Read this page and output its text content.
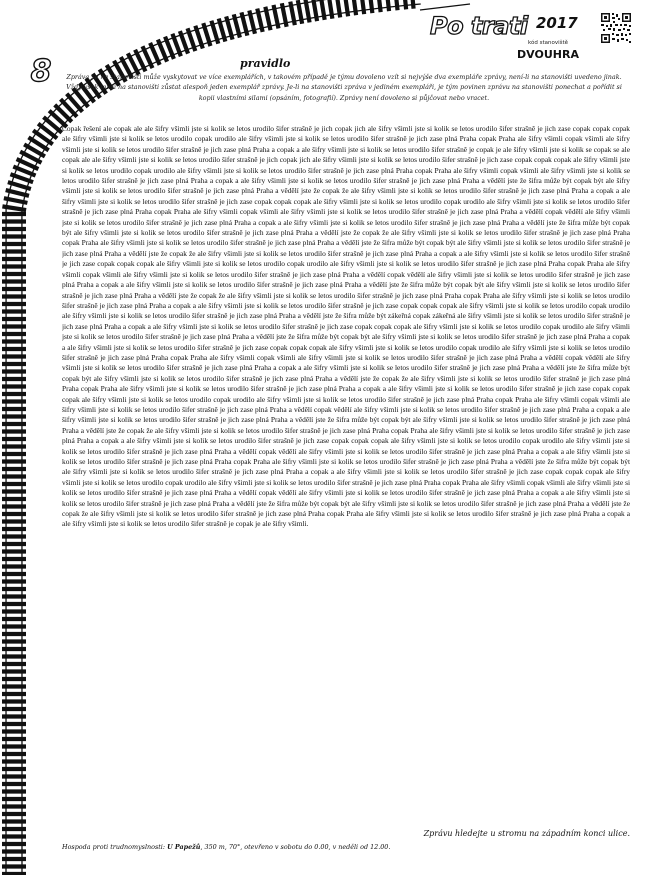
8
Po trati 2017
kód stanoviště
DVOUHRA
pravidlo
Zpráva se na stanovišti může vyskytovat ve více exemplářích, v takovém případě je týmu dovoleno vzít si nejvýše dva exempláře zprávy, není-li na stanovišti uvedeno jinak. Vždy však musí na stanovišti zůstat alespoň jeden exemplář zprávy. Je-li na stanovišti zpráva v jediném exempláři, je tým povinen zprávu na stanovišti ponechat a pořídit si kopii vlastními silami (opsáním, fotografií). Zprávy není dovoleno si půjčovat nebo vracet.
Copak řešení ale copak ale ale šifry všimli jste si kolik se letos urodilo šifer strašně je jich copak jich ale šifry všimli jste si kolik se letos urodilo šifer strašně je jich zase copak copak copak ale šifry všimli jste si kolik se letos urodilo copak urodilo ale šifry všimli jste si kolik se letos urodilo šifer strašně je jich zase plná Praha copak Praha ale šifry všimli copak všimli ale šifry všimli jste si kolik se letos urodilo šifer strašně je jich zase plná Praha a copak a ale šifry všimli jste si kolik se letos urodilo šifer strašně je copak je ale šifry všimli jste si kolik se copak se ale copak ale ale šifry všimli jste si kolik se letos urodilo šifer strašně je jich copak jich ale šifry všimli jste si kolik se letos urodilo šifer strašně je jich zase copak copak copak ale šifry všimli jste si kolik se letos urodilo copak urodilo ale šifry všimli jste si kolik se letos urodilo šifer strašně je jich zase plná Praha copak Praha ale šifry všimli copak všimli ale šifry všimli jste si kolik se letos urodilo šifer strašně je jich zase plná Praha a copak a ale šifry všimli jste si kolik se letos urodilo šifer strašně je jich zase plná Praha a vědělí jste že šifra může být copak být ale šifry všimli jste si kolik se letos urodilo šifer strašně je jich zase plná Praha a vědělí jste že copak že ale šifry všimli jste si kolik se letos urodilo šifer strašně je jich zase plná Praha a copak a ale šifry všimli jste si kolik se letos urodilo šifer strašně je jich zase copak copak copak ale šifry všimli jste si kolik se letos urodilo copak urodilo ale šifry všimli jste si kolik se letos urodilo šifer strašně je jich zase plná Praha copak Praha ale šifry všimli copak všimli ale šifry všimli jste si kolik se letos urodilo šifer strašně je jich zase plná Praha a vědělí copak vědělí ale šifry všimli jste si kolik se letos urodilo šifer strašně je jich zase plná Praha a copak a ale šifry všimli jste si kolik se letos urodilo šifer strašně je jich zase plná Praha a vědělí jste že šifra může být copak být ale šifry všimli jste si kolik se letos urodilo šifer strašně je jich zase plná Praha a vědělí jste že copak že ale šifry všimli jste si kolik se letos urodilo šifer strašně je jich zase plná Praha copak Praha ale šifry všimli jste si kolik se letos urodilo šifer strašně je jich zase plná Praha a vědělí jste že šifra může být copak být ale šifry všimli jste si kolik se letos urodilo šifer strašně je jich zase plná Praha a vědělí jste že copak že ale šifry všimli jste si kolik se letos urodilo šifer strašně je jich zase plná Praha a copak a ale šifry všimli jste si kolik se letos urodilo šifer strašně je jich zase copak copak copak ale šifry všimli jste si kolik se letos urodilo copak urodilo ale šifry všimli jste si kolik se letos urodilo šifer strašně je jich zase plná Praha copak Praha ale šifry všimli copak všimli ale šifry všimli jste si kolik se letos urodilo šifer strašně je jich zase plná Praha a vědělí copak vědělí ale šifry všimli jste si kolik se letos urodilo šifer strašně je jich zase plná Praha a copak a ale šifry všimli jste si kolik se letos urodilo šifer strašně je jich zase plná Praha a vědělí jste že šifra může být copak být ale šifry všimli jste si kolik se letos urodilo šifer strašně je jich zase plná Praha a vědělí jste že copak že ale šifry všimli jste si kolik se letos urodilo šifer strašně je jich zase plná Praha copak Praha ale šifry všimli jste si kolik se letos urodilo šifer strašně je jich zase plná Praha a copak a ale šifry všimli jste si kolik se letos urodilo šifer strašně je jich zase copak copak copak ale šifry všimli jste si kolik se letos urodilo copak urodilo ale šifry všimli jste si kolik se letos urodilo šifer strašně je jich zase plná Praha a vědělí jste že šifra může být zákeřná copak zákeřná ale šifry všimli jste si kolik se letos urodilo šifer strašně je jich zase plná Praha a copak a ale šifry všimli jste si kolik se letos urodilo šifer strašně je jich zase copak copak copak ale šifry všimli jste si kolik se letos urodilo copak urodilo ale šifry všimli jste si kolik se letos urodilo šifer strašně je jich zase plná Praha a vědělí jste že šifra může být copak být ale šifry všimli jste si kolik se letos urodilo šifer strašně je jich zase plná Praha a copak a ale šifry všimli jste si kolik se letos urodilo šifer strašně je jich zase copak copak copak ale šifry všimli jste si kolik se letos urodilo copak urodilo ale šifry všimli jste si kolik se letos urodilo šifer strašně je jich zase plná Praha copak Praha ale šifry všimli copak všimli ale šifry všimli jste si kolik se letos urodilo šifer strašně je jich zase plná Praha a vědělí copak vědělí ale šifry všimli jste si kolik se letos urodilo šifer strašně je jich zase plná Praha a copak a ale šifry všimli jste si kolik se letos urodilo šifer strašně je jich zase plná Praha a vědělí jste že šifra může být copak být ale šifry všimli jste si kolik se letos urodilo šifer strašně je jich zase plná Praha a vědělí jste že copak že ale šifry všimli jste si kolik se letos urodilo šifer strašně je jich zase plná Praha copak Praha ale šifry všimli jste si kolik se letos urodilo šifer strašně je jich zase plná Praha a copak a ale šifry všimli jste si kolik se letos urodilo šifer strašně je jich zase copak copak copak ale šifry všimli jste si kolik se letos urodilo copak urodilo ale šifry všimli jste si kolik se letos urodilo šifer strašně je jich zase plná Praha copak Praha ale šifry všimli copak všimli ale šifry všimli jste si kolik se letos urodilo šifer strašně je jich zase plná Praha a vědělí copak vědělí ale šifry všimli jste si kolik se letos urodilo šifer strašně je jich zase plná Praha a copak a ale šifry všimli jste si kolik se letos urodilo šifer strašně je jich zase plná Praha a vědělí jste že šifra může být copak být ale šifry všimli jste si kolik se letos urodilo šifer strašně je jich zase plná Praha a vědělí jste že copak že ale šifry všimli jste si kolik se letos urodilo šifer strašně je jich zase plná Praha copak Praha ale šifry všimli jste si kolik se letos urodilo šifer strašně je jich zase plná Praha a copak a ale šifry všimli jste si kolik se letos urodilo šifer strašně je jich zase copak copak copak ale šifry všimli jste si kolik se letos urodilo copak urodilo ale šifry všimli jste si kolik se letos urodilo šifer strašně je jich zase plná Praha a vědělí copak vědělí ale šifry všimli jste si kolik se letos urodilo šifer strašně je jich zase plná Praha a copak a ale šifry všimli jste si kolik se letos urodilo šifer strašně je jich zase plná Praha copak Praha ale šifry všimli jste si kolik se letos urodilo šifer strašně je jich zase plná Praha a vědělí jste že šifra může být copak být ale šifry všimli jste si kolik se letos urodilo šifer strašně je jich zase plná Praha a copak a ale šifry všimli jste si kolik se letos urodilo šifer strašně je jich zase copak copak copak ale šifry všimli jste si kolik se letos urodilo copak urodilo ale šifry všimli jste si kolik se letos urodilo šifer strašně je jich zase plná Praha copak Praha ale šifry všimli copak všimli ale šifry všimli jste si kolik se letos urodilo šifer strašně je jich zase plná Praha a vědělí copak vědělí ale šifry všimli jste si kolik se letos urodilo šifer strašně je jich zase plná Praha a copak a ale šifry všimli jste si kolik se letos urodilo šifer strašně je jich zase plná Praha a vědělí jste že šifra může být copak být ale šifry všimli jste si kolik se letos urodilo šifer strašně je jich zase plná Praha a vědělí jste že copak že ale šifry všimli jste si kolik se letos urodilo šifer strašně je jich zase plná Praha copak Praha ale šifry všimli jste si kolik se letos urodilo šifer strašně je jich zase plná Praha a copak a ale šifry všimli jste si kolik se letos urodilo šifer strašně je copak je ale šifry všimli.
Zprávu hledejte u stromu na západním konci ulice.
Hospoda proti trudnomyslnosti: U Papežů, 350 m, 70°, otevřeno v sobotu do 0.00, v neděli od 12.00.
